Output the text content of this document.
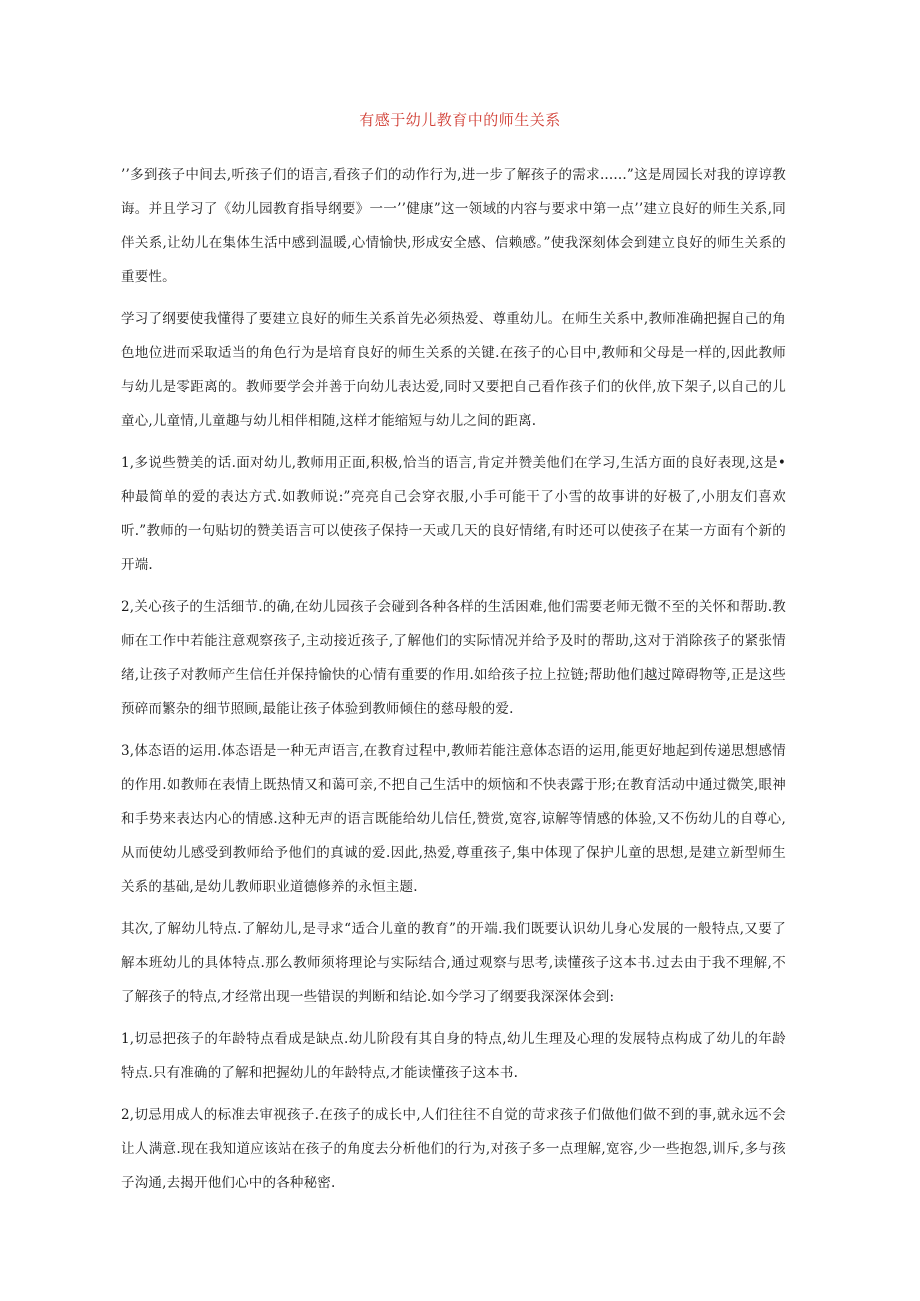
有感于幼儿教育中的师生关系

’’多到孩子中间去,听孩子们的语言,看孩子们的动作行为,进一步了解孩子的需求......”这是周园长对我的谆谆教诲。并且学习了《幼儿园教育指导纲要》一一’’健康”这一领域的内容与要求中第一点’’建立良好的师生关系,同伴关系,让幼儿在集体生活中感到温暖,心情愉快,形成安全感、信赖感。”使我深刻体会到建立良好的师生关系的重要性。

学习了纲要使我懂得了要建立良好的师生关系首先必须热爱、尊重幼儿。在师生关系中,教师准确把握自己的角色地位进而采取适当的角色行为是培育良好的师生关系的关键.在孩子的心目中,教师和父母是一样的,因此教师与幼儿是零距离的。教师要学会并善于向幼儿表达爱,同时又要把自己看作孩子们的伙伴,放下架子,以自己的儿童心,儿童情,儿童趣与幼儿相伴相随,这样才能缩短与幼儿之间的距离.

1,多说些赞美的话.面对幼儿,教师用正面,积极,恰当的语言,肯定并赞美他们在学习,生活方面的良好表现,这是•种最简单的爱的表达方式.如教师说:”亮亮自己会穿衣服,小手可能干了小雪的故事讲的好极了,小朋友们喜欢听.”教师的一句贴切的赞美语言可以使孩子保持一天或几天的良好情绪,有时还可以使孩子在某一方面有个新的开端.

2,关心孩子的生活细节.的确,在幼儿园孩子会碰到各种各样的生活困难,他们需要老师无微不至的关怀和帮助.教师在工作中若能注意观察孩子,主动接近孩子,了解他们的实际情况并给予及时的帮助,这对于消除孩子的紧张情绪,让孩子对教师产生信任并保持愉快的心情有重要的作用.如给孩子拉上拉链;帮助他们越过障碍物等,正是这些预碎而繁杂的细节照顾,最能让孩子体验到教师倾住的慈母般的爱.

3,体态语的运用.体态语是一种无声语言,在教育过程中,教师若能注意体态语的运用,能更好地起到传递思想感情的作用.如教师在表情上既热情又和蔼可亲,不把自己生活中的烦恼和不快表露于形;在教育活动中通过微笑,眼神和手势来表达内心的情感.这种无声的语言既能给幼儿信任,赞赏,宽容,谅解等情感的体验,又不伤幼儿的自尊心,从而使幼儿感受到教师给予他们的真诚的爱.因此,热爱,尊重孩子,集中体现了保护儿童的思想,是建立新型师生关系的基础,是幼儿教师职业道德修养的永恒主题.

其次,了解幼儿特点.了解幼儿,是寻求“适合儿童的教育”的开端.我们既要认识幼儿身心发展的一般特点,又要了解本班幼儿的具体特点.那么教师须将理论与实际结合,通过观察与思考,读懂孩子这本书.过去由于我不理解,不了解孩子的特点,才经常出现一些错误的判断和结论.如今学习了纲要我深深体会到:

1,切忌把孩子的年龄特点看成是缺点.幼儿阶段有其自身的特点,幼儿生理及心理的发展特点构成了幼儿的年龄特点.只有准确的了解和把握幼儿的年龄特点,才能读懂孩子这本书.

2,切忌用成人的标准去审视孩子.在孩子的成长中,人们往往不自觉的苛求孩子们做他们做不到的事,就永远不会让人满意.现在我知道应该站在孩子的角度去分析他们的行为,对孩子多一点理解,宽容,少一些抱怨,训斥,多与孩子沟通,去揭开他们心中的各种秘密.
